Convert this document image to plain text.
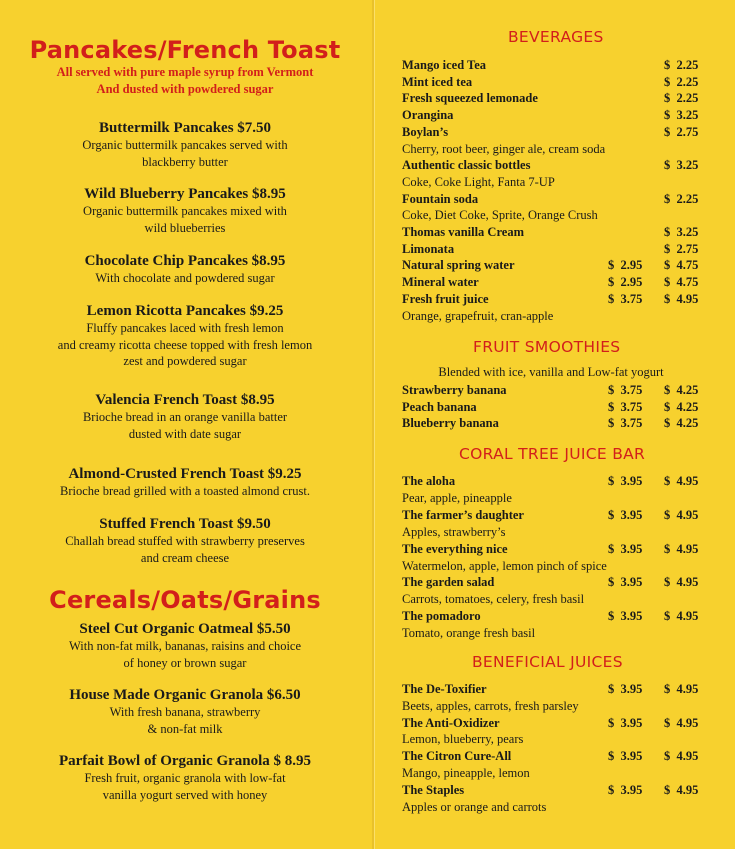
Pancakes/French Toast
All served with pure maple syrup from Vermont
And dusted with powdered sugar
Buttermilk Pancakes $7.50
Organic buttermilk pancakes served with
blackberry butter
Wild Blueberry Pancakes $8.95
Organic buttermilk pancakes mixed with
wild blueberries
Chocolate Chip Pancakes $8.95
With chocolate and powdered sugar
Lemon Ricotta Pancakes $9.25
Fluffy pancakes laced with fresh lemon
and creamy ricotta cheese topped with fresh lemon
zest and powdered sugar
Valencia French Toast $8.95
Brioche bread in an orange vanilla batter
dusted with date sugar
Almond-Crusted French Toast $9.25
Brioche bread grilled with a toasted almond crust.
Stuffed French Toast $9.50
Challah bread stuffed with strawberry preserves
and cream cheese
Cereals/Oats/Grains
Steel Cut Organic Oatmeal $5.50
With non-fat milk, bananas, raisins and choice
of honey or brown sugar
House Made Organic Granola $6.50
With fresh banana, strawberry
& non-fat milk
Parfait Bowl of Organic Granola $ 8.95
Fresh fruit, organic granola with low-fat
vanilla yogurt served with honey
BEVERAGES
FRUIT SMOOTHIES
Blended with ice, vanilla and Low-fat yogurt
CORAL TREE JUICE BAR
BENEFICIAL JUICES
Mango iced Tea	$  2.25
Mint iced tea	$  2.25
Fresh squeezed lemonade	$  2.25
Orangina	$  3.25
Boylan’s	$  2.75
Cherry, root beer, ginger ale, cream soda
Authentic classic bottles	$  3.25
Coke, Coke Light, Fanta 7-UP
Fountain soda	$  2.25
Coke, Diet Coke, Sprite, Orange Crush
Thomas vanilla Cream	$  3.25
Limonata	$  2.75
Natural spring water	$  2.95 $  4.75
Mineral water	$  2.95 $  4.75
Fresh fruit juice	$  3.75 $  4.95
Orange, grapefruit, cran-apple
Strawberry banana	$  3.75 $  4.25
Peach banana	$  3.75 $  4.25
Blueberry banana	$  3.75 $  4.25
The aloha	$  3.95 $  4.95
Pear, apple, pineapple
The farmer’s daughter	$  3.95 $  4.95
Apples, strawberry’s
The everything nice	$  3.95 $  4.95
Watermelon, apple, lemon pinch of spice
The garden salad	$  3.95 $  4.95
Carrots, tomatoes, celery, fresh basil
The pomadoro	$  3.95 $  4.95
Tomato, orange fresh basil
The De-Toxifier	$  3.95 $  4.95
Beets, apples, carrots, fresh parsley
The Anti-Oxidizer	$  3.95 $  4.95
Lemon, blueberry, pears
The Citron Cure-All	$  3.95 $  4.95
Mango, pineapple, lemon
The Staples	$  3.95 $  4.95
Apples or orange and carrots
